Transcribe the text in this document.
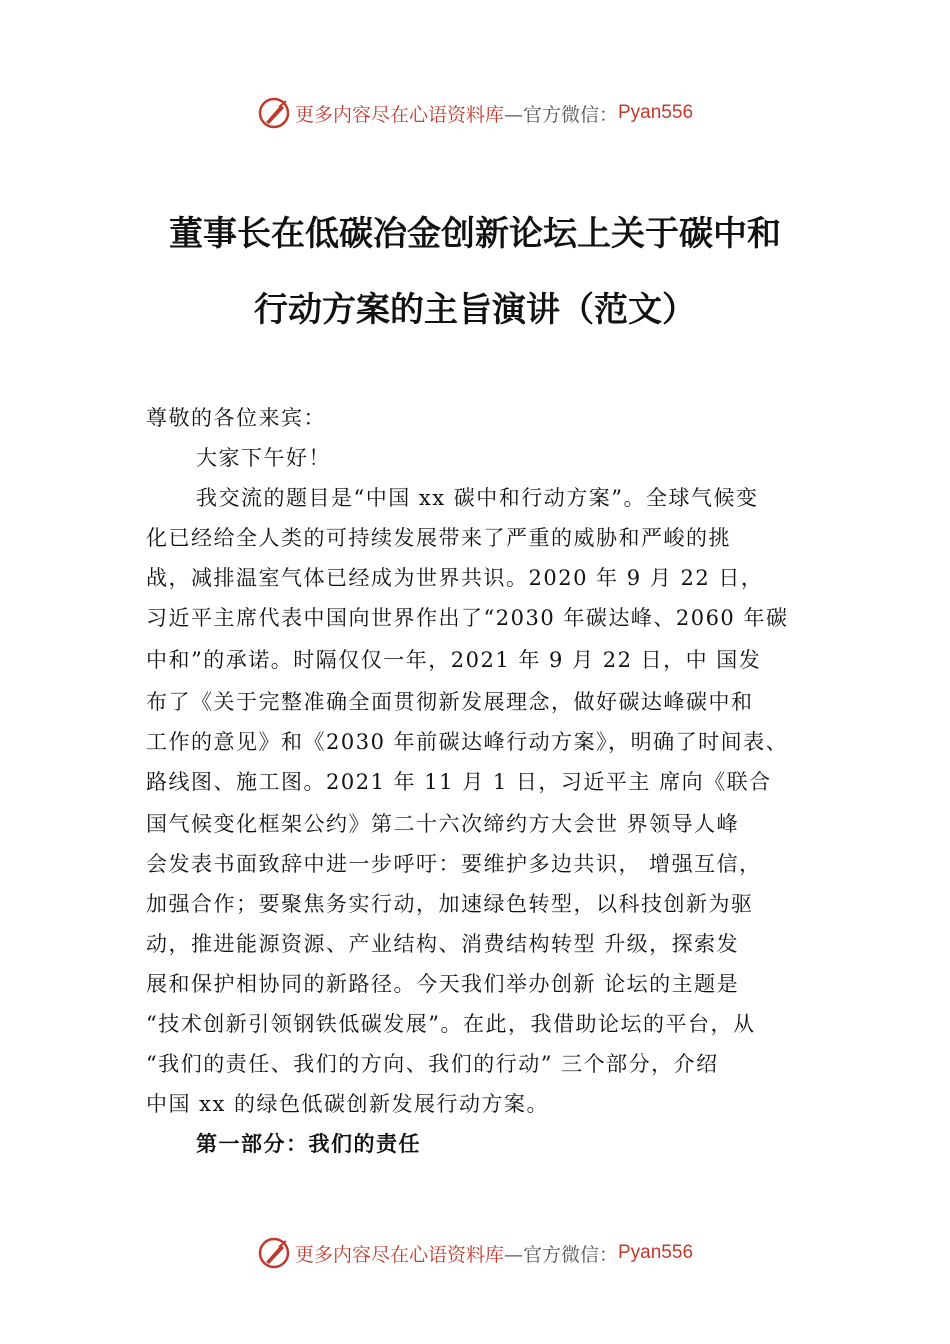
更多内容尽在心语资料库 —官方微信： Pyan556
董事长在低碳冶金创新论坛上关于碳中和
行动方案的主旨演讲（范文）
尊敬的各位来宾：
大家下午好！
我交流的题目是“中国 xx 碳中和行动方案”。全球气候变
化已经给全人类的可持续发展带来了严重的威胁和严峻的挑
战，减排温室气体已经成为世界共识。2020 年 9 月 22 日，
习近平主席代表中国向世界作出了“2030 年碳达峰、2060 年碳
中和”的承诺。时隔仅仅一年，2021 年 9 月 22 日，中 国发
布了《关于完整准确全面贯彻新发展理念，做好碳达峰碳中和
工作的意见》和《2030 年前碳达峰行动方案》，明确了时间表、
路线图、施工图。2021 年 11 月 1 日，习近平主 席向《联合
国气候变化框架公约》第二十六次缔约方大会世 界领导人峰
会发表书面致辞中进一步呼吁：要维护多边共识， 增强互信，
加强合作；要聚焦务实行动，加速绿色转型，以科技创新为驱
动，推进能源资源、产业结构、消费结构转型 升级，探索发
展和保护相协同的新路径。今天我们举办创新 论坛的主题是
“技术创新引领钢铁低碳发展”。在此，我借助论坛的平台，从
“我们的责任、我们的方向、我们的行动” 三个部分，介绍
中国 xx 的绿色低碳创新发展行动方案。
第一部分：我们的责任
更多内容尽在心语资料库 —官方微信： Pyan556
